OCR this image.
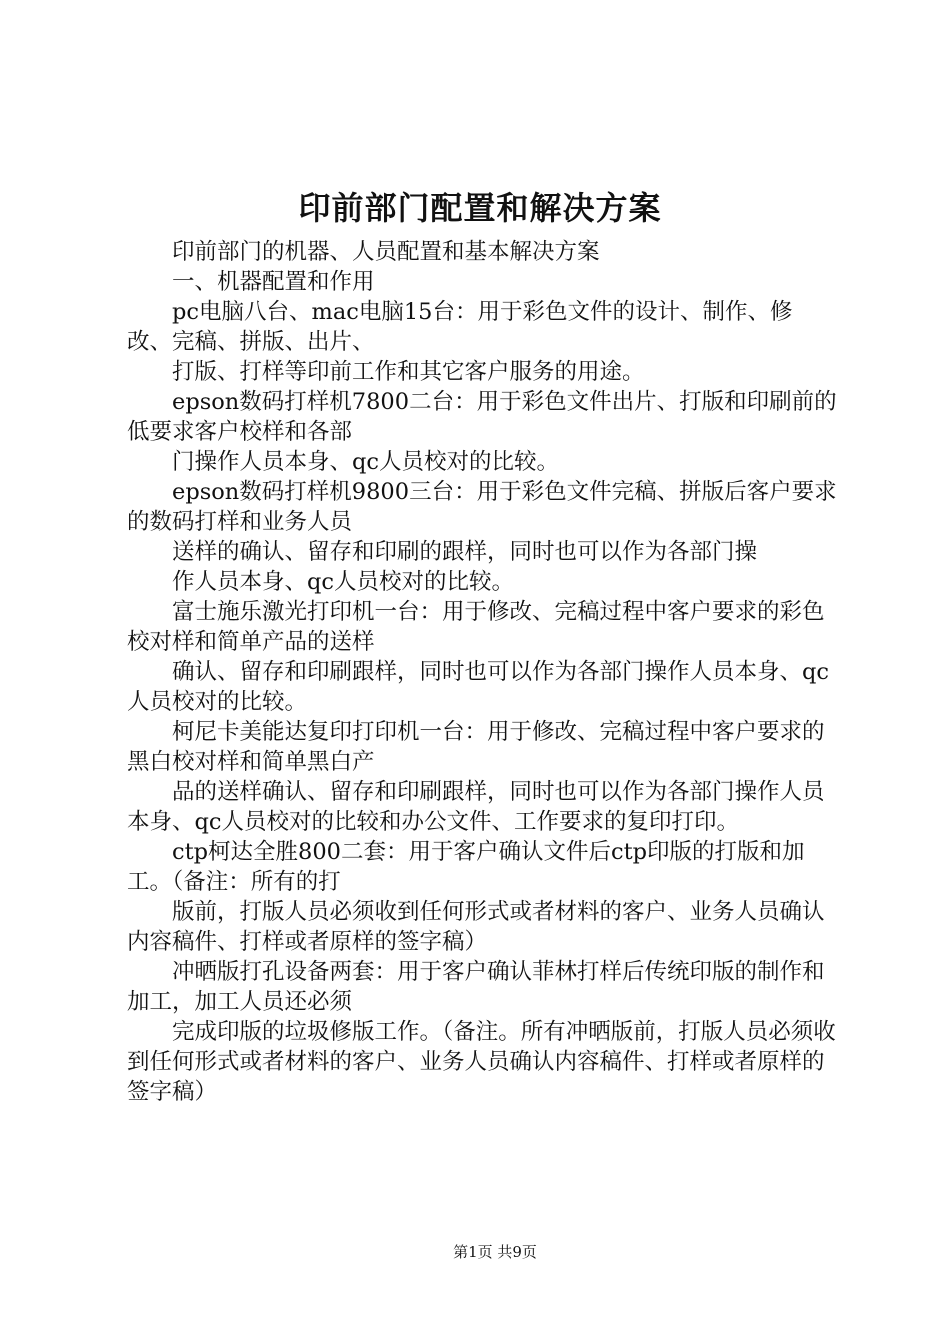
印前部门配置和解决方案

印前部门的机器、人员配置和基本解决方案

一、机器配置和作用

pc电脑八台、mac电脑15台：用于彩色文件的设计、制作、修改、完稿、拼版、出片、

打版、打样等印前工作和其它客户服务的用途。

epson数码打样机7800二台：用于彩色文件出片、打版和印刷前的低要求客户校样和各部

门操作人员本身、qc人员校对的比较。

epson数码打样机9800三台：用于彩色文件完稿、拼版后客户要求的数码打样和业务人员

送样的确认、留存和印刷的跟样，同时也可以作为各部门操

作人员本身、qc人员校对的比较。

富士施乐激光打印机一台：用于修改、完稿过程中客户要求的彩色校对样和简单产品的送样

确认、留存和印刷跟样，同时也可以作为各部门操作人员本身、qc人员校对的比较。

柯尼卡美能达复印打印机一台：用于修改、完稿过程中客户要求的黑白校对样和简单黑白产

品的送样确认、留存和印刷跟样，同时也可以作为各部门操作人员本身、qc人员校对的比较和办公文件、工作要求的复印打印。

ctp柯达全胜800二套：用于客户确认文件后ctp印版的打版和加工。（备注：所有的打

版前，打版人员必须收到任何形式或者材料的客户、业务人员确认内容稿件、打样或者原样的签字稿）

冲晒版打孔设备两套：用于客户确认菲林打样后传统印版的制作和加工，加工人员还必须

完成印版的垃圾修版工作。（备注。所有冲晒版前，打版人员必须收到任何形式或者材料的客户、业务人员确认内容稿件、打样或者原样的签字稿）

第1页 共9页
